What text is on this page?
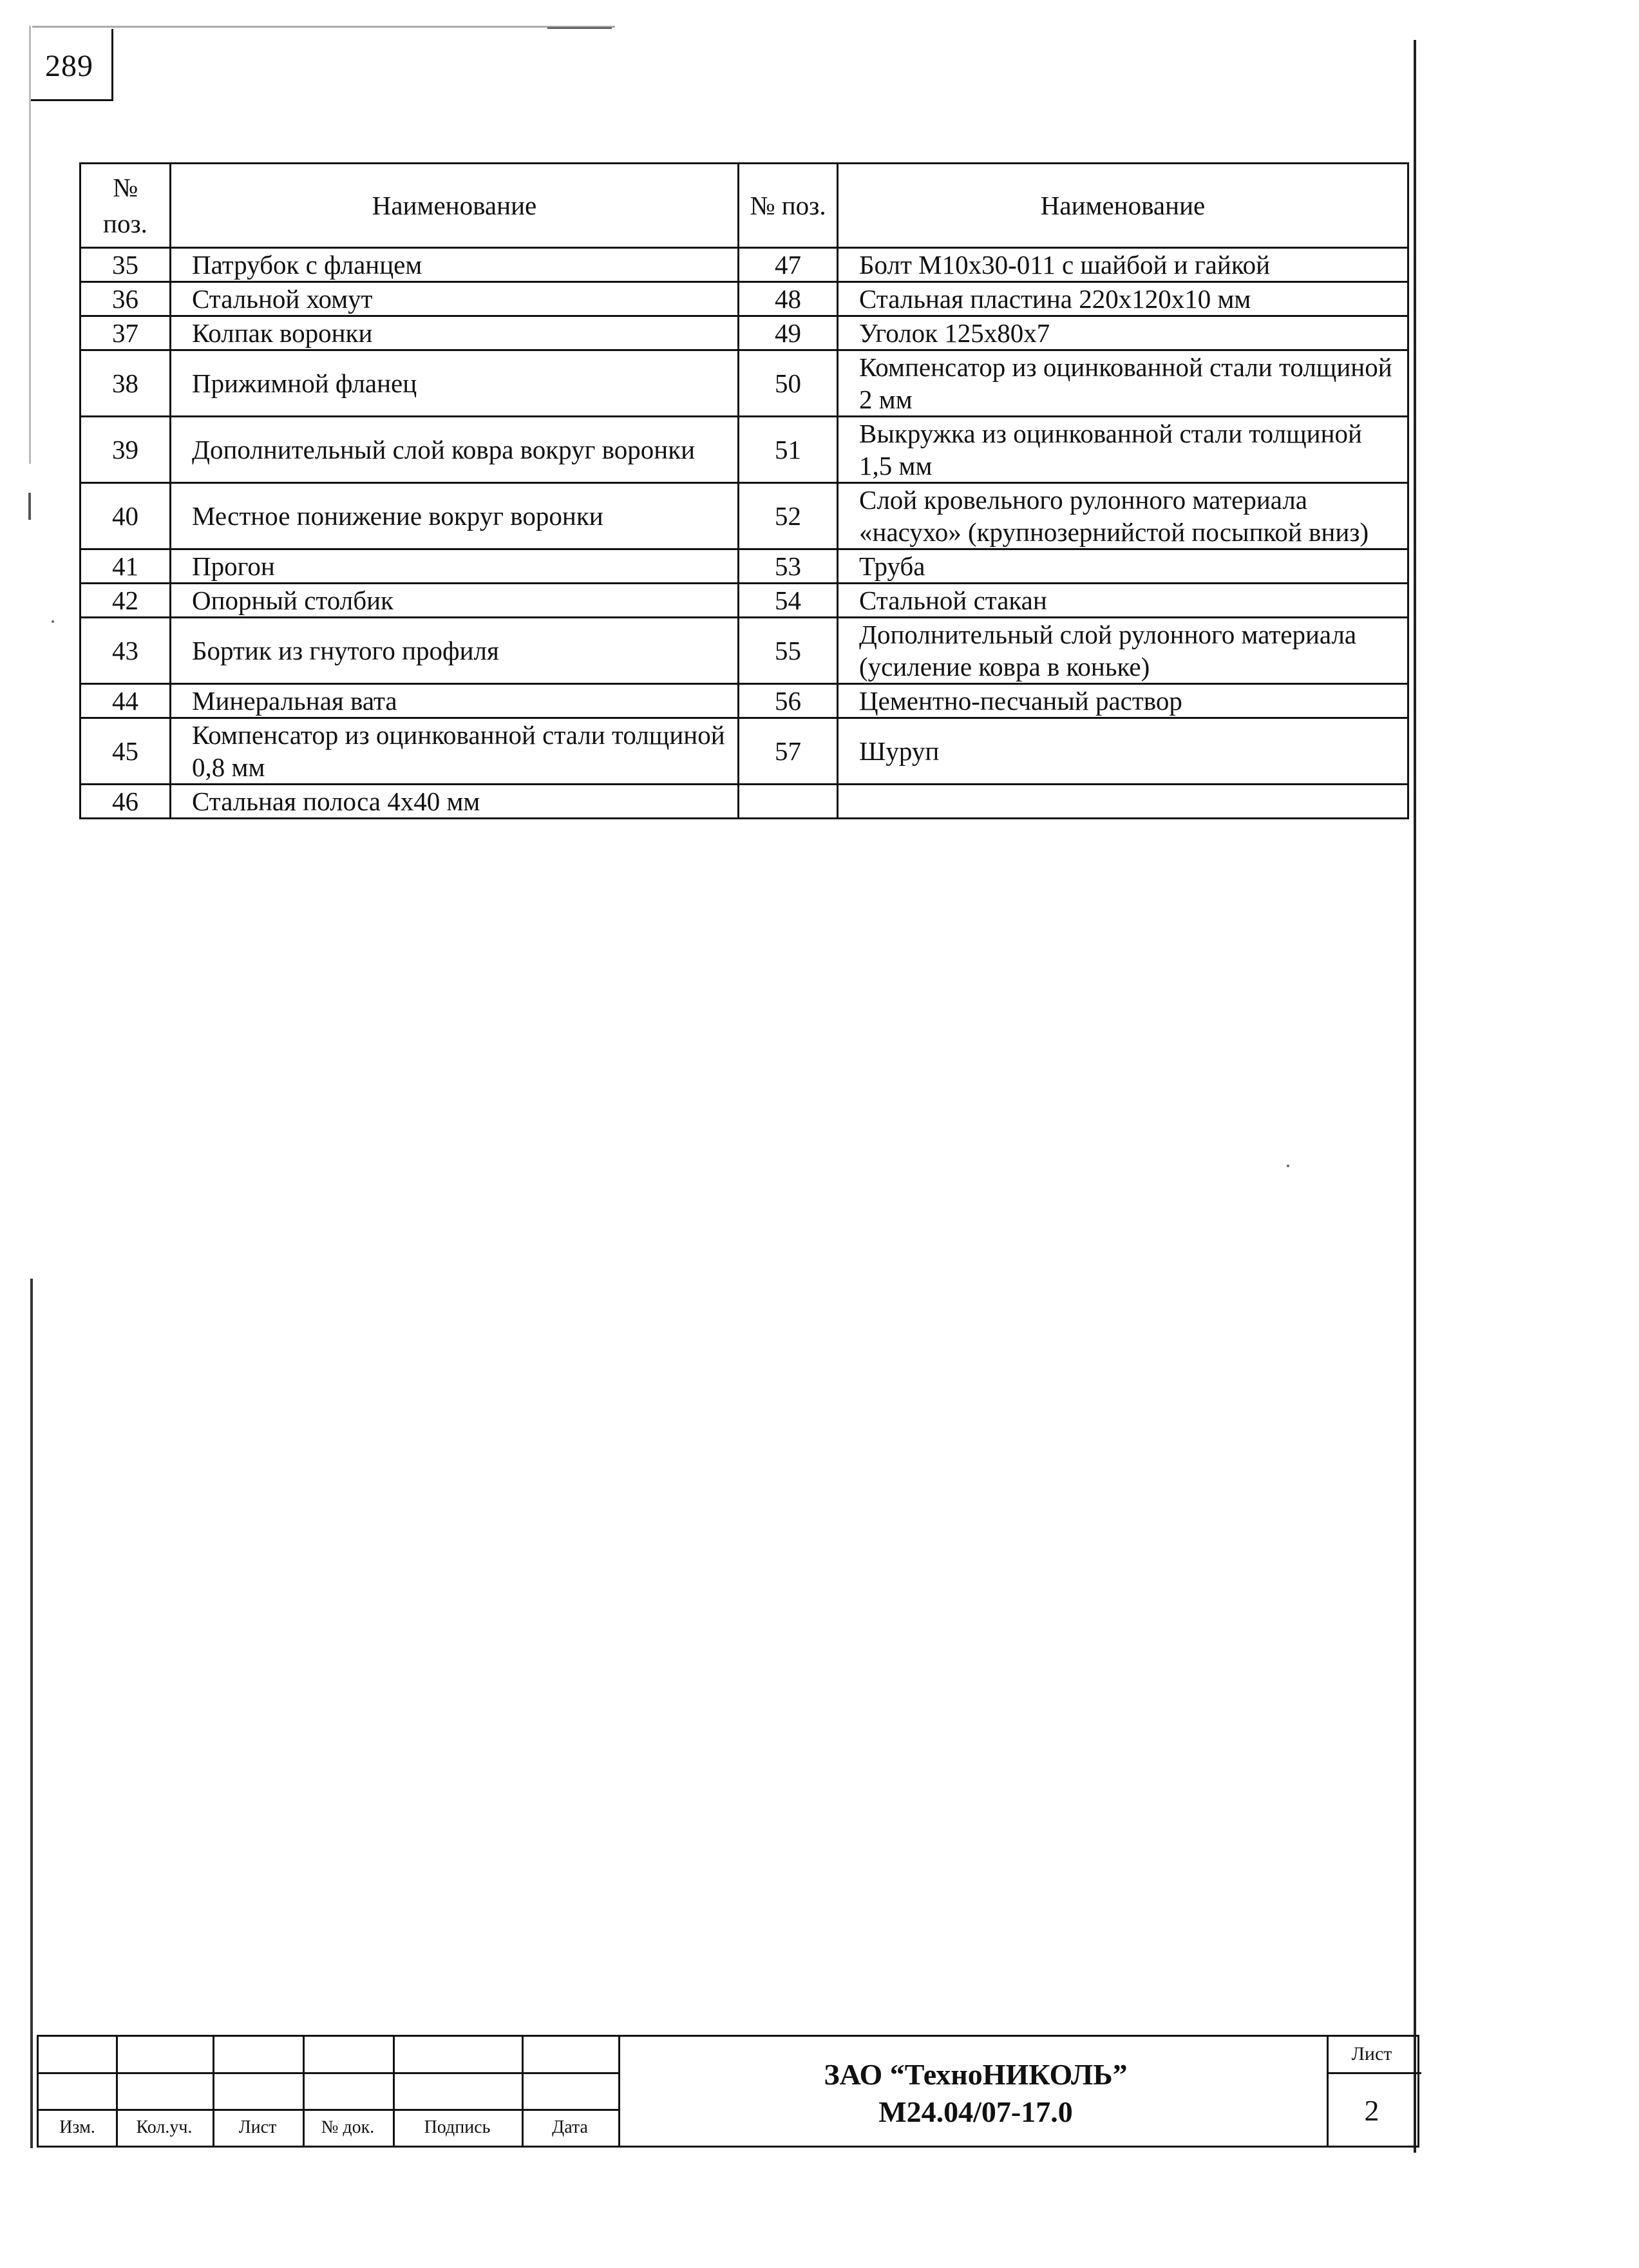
289
№ поз.	Наименование	№ поз.	Наименование
35	Патрубок с фланцем	47	Болт М10х30-011 с шайбой и гайкой
36	Стальной хомут	48	Стальная пластина 220х120х10 мм
37	Колпак воронки	49	Уголок 125х80х7
38	Прижимной фланец	50	Компенсатор из оцинкованной стали толщиной 2 мм
39	Дополнительный слой ковра вокруг воронки	51	Выкружка из оцинкованной стали толщиной 1,5 мм
40	Местное понижение вокруг воронки	52	Слой кровельного рулонного материала «насухо» (крупнозернийстой посыпкой вниз)
41	Прогон	53	Труба
42	Опорный столбик	54	Стальной стакан
43	Бортик из гнутого профиля	55	Дополнительный слой рулонного материала (усиление ковра в коньке)
44	Минеральная вата	56	Цементно-песчаный раствор
45	Компенсатор из оцинкованной стали толщиной 0,8 мм	57	Шуруп
46	Стальная полоса 4х40 мм		
Изм.	Кол.уч.	Лист	№ док.	Подпись	Дата
ЗАО “ТехноНИКОЛЬ”
М24.04/07-17.0
Лист
2
